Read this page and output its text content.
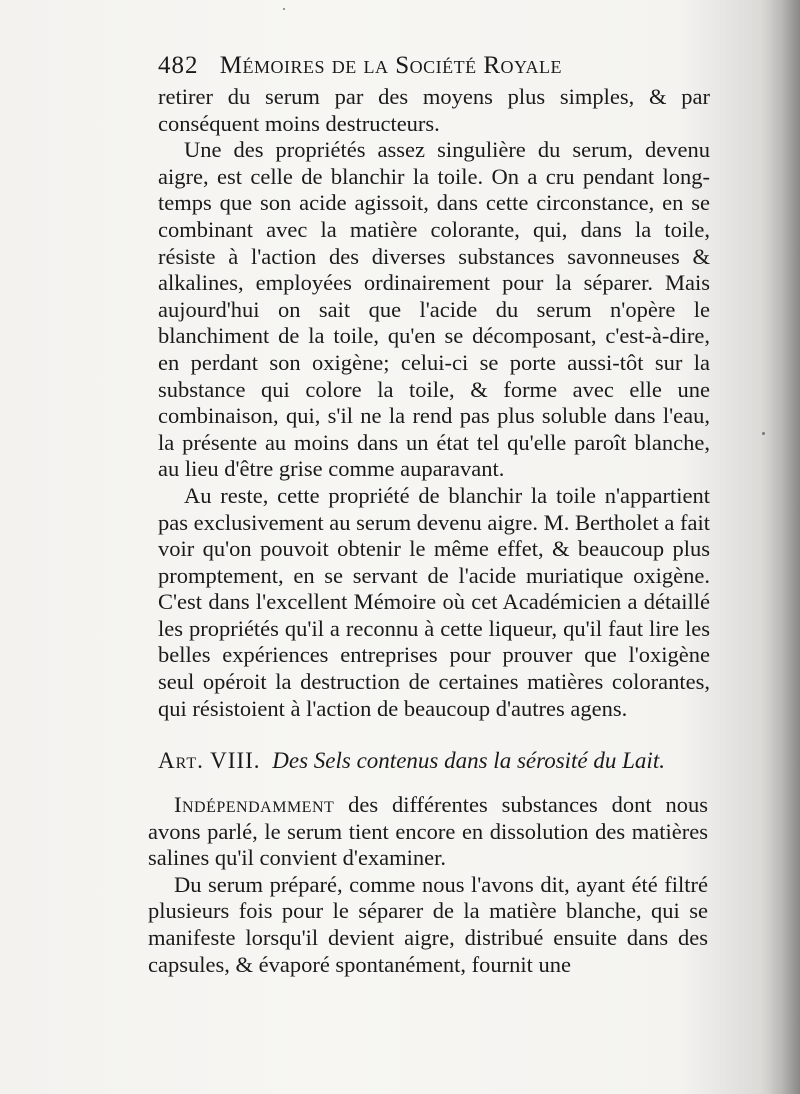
482 Mémoires de la Société Royale

retirer du serum par des moyens plus simples, & par conséquent moins destructeurs.

Une des propriétés assez singulière du serum, devenu aigre, est celle de blanchir la toile. On a cru pendant long-temps que son acide agissoit, dans cette circonstance, en se combinant avec la matière colorante, qui, dans la toile, résiste à l'action des diverses substances savonneuses & alkalines, employées ordinairement pour la séparer. Mais aujourd'hui on sait que l'acide du serum n'opère le blanchiment de la toile, qu'en se décomposant, c'est-à-dire, en perdant son oxigène; celui-ci se porte aussi-tôt sur la substance qui colore la toile, & forme avec elle une combinaison, qui, s'il ne la rend pas plus soluble dans l'eau, la présente au moins dans un état tel qu'elle paroît blanche, au lieu d'être grise comme auparavant.

Au reste, cette propriété de blanchir la toile n'appartient pas exclusivement au serum devenu aigre. M. Bertholet a fait voir qu'on pouvoit obtenir le même effet, & beaucoup plus promptement, en se servant de l'acide muriatique oxigène. C'est dans l'excellent Mémoire où cet Académicien a détaillé les propriétés qu'il a reconnu à cette liqueur, qu'il faut lire les belles expériences entreprises pour prouver que l'oxigène seul opéroit la destruction de certaines matières colorantes, qui résistoient à l'action de beaucoup d'autres agens.

Art. VIII. Des Sels contenus dans la sérosité du Lait.

Indépendamment des différentes substances dont nous avons parlé, le serum tient encore en dissolution des matières salines qu'il convient d'examiner.

Du serum préparé, comme nous l'avons dit, ayant été filtré plusieurs fois pour le séparer de la matière blanche, qui se manifeste lorsqu'il devient aigre, distribué ensuite dans des capsules, & évaporé spontanément, fournit une
